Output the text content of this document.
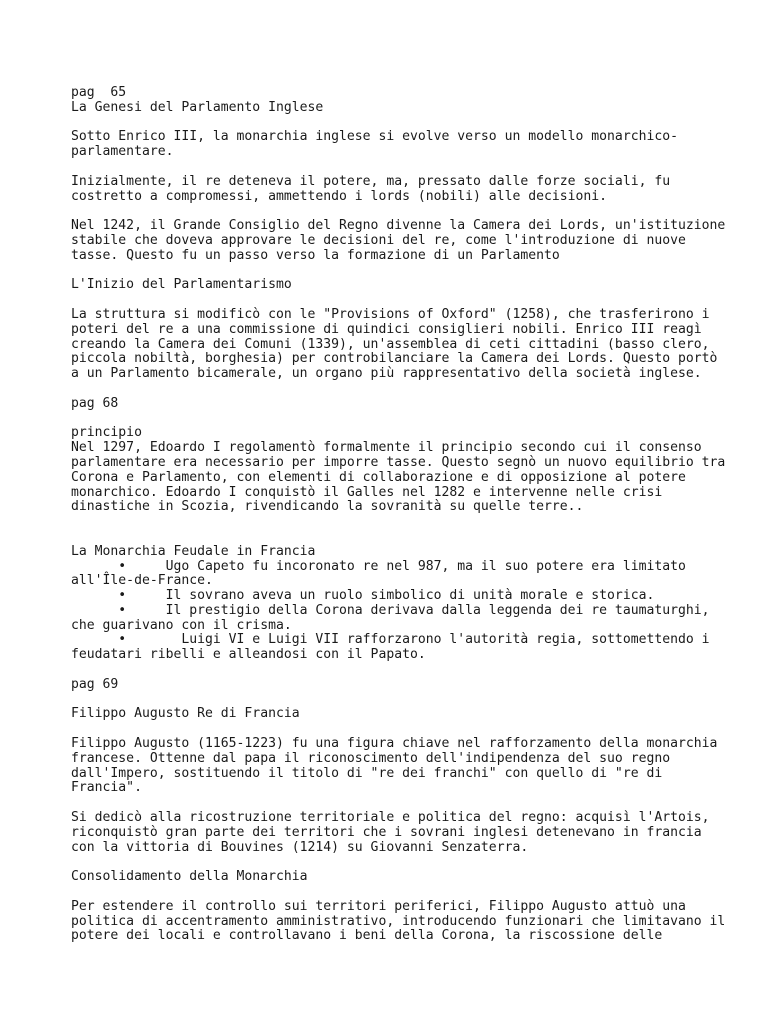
pag  65
La Genesi del Parlamento Inglese
Sotto Enrico III, la monarchia inglese si evolve verso un modello monarchico-
parlamentare.
Inizialmente, il re deteneva il potere, ma, pressato dalle forze sociali, fu
costretto a compromessi, ammettendo i lords (nobili) alle decisioni.
Nel 1242, il Grande Consiglio del Regno divenne la Camera dei Lords, un'istituzione
stabile che doveva approvare le decisioni del re, come l'introduzione di nuove
tasse. Questo fu un passo verso la formazione di un Parlamento
L'Inizio del Parlamentarismo
La struttura si modificò con le "Provisions of Oxford" (1258), che trasferirono i
poteri del re a una commissione di quindici consiglieri nobili. Enrico III reagì
creando la Camera dei Comuni (1339), un'assemblea di ceti cittadini (basso clero,
piccola nobiltà, borghesia) per controbilanciare la Camera dei Lords. Questo portò
a un Parlamento bicamerale, un organo più rappresentativo della società inglese.
pag 68
principio
Nel 1297, Edoardo I regolamentò formalmente il principio secondo cui il consenso
parlamentare era necessario per imporre tasse. Questo segnò un nuovo equilibrio tra
Corona e Parlamento, con elementi di collaborazione e di opposizione al potere
monarchico. Edoardo I conquistò il Galles nel 1282 e intervenne nelle crisi
dinastiche in Scozia, rivendicando la sovranità su quelle terre..
La Monarchia Feudale in Francia
•     Ugo Capeto fu incoronato re nel 987, ma il suo potere era limitato
all'Île-de-France.
•     Il sovrano aveva un ruolo simbolico di unità morale e storica.
•     Il prestigio della Corona derivava dalla leggenda dei re taumaturghi,
che guarivano con il crisma.
•       Luigi VI e Luigi VII rafforzarono l'autorità regia, sottomettendo i
feudatari ribelli e alleandosi con il Papato.
pag 69
Filippo Augusto Re di Francia
Filippo Augusto (1165-1223) fu una figura chiave nel rafforzamento della monarchia
francese. Ottenne dal papa il riconoscimento dell'indipendenza del suo regno
dall'Impero, sostituendo il titolo di "re dei franchi" con quello di "re di
Francia".
Si dedicò alla ricostruzione territoriale e politica del regno: acquisì l'Artois,
riconquistò gran parte dei territori che i sovrani inglesi detenevano in francia
con la vittoria di Bouvines (1214) su Giovanni Senzaterra.
Consolidamento della Monarchia
Per estendere il controllo sui territori periferici, Filippo Augusto attuò una
politica di accentramento amministrativo, introducendo funzionari che limitavano il
potere dei locali e controllavano i beni della Corona, la riscossione delle
